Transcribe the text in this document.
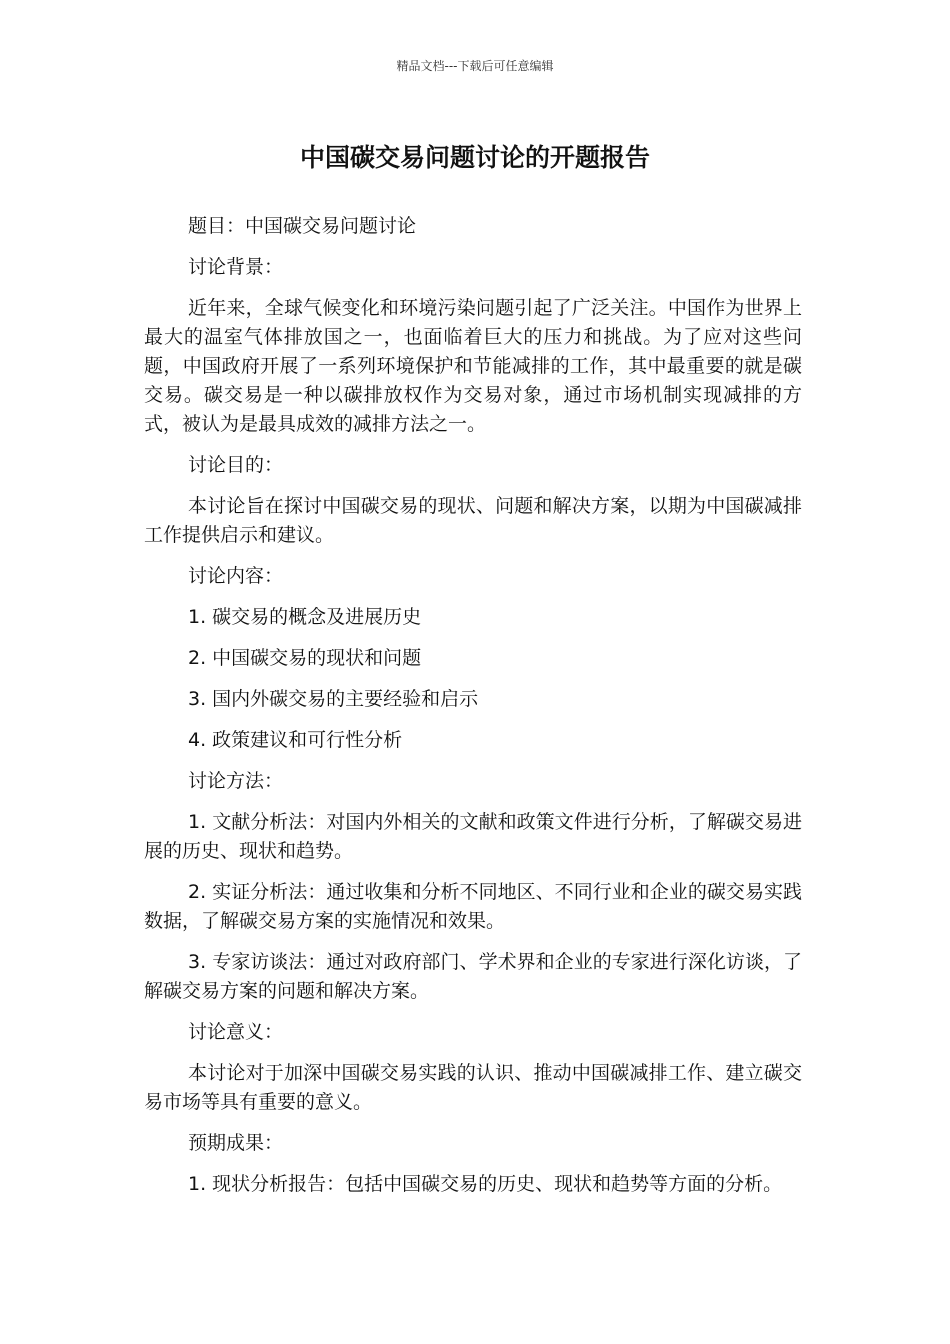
精品文档---下载后可任意编辑
中国碳交易问题讨论的开题报告

题目：中国碳交易问题讨论

讨论背景：

近年来，全球气候变化和环境污染问题引起了广泛关注。中国作为世界上最大的温室气体排放国之一，也面临着巨大的压力和挑战。为了应对这些问题，中国政府开展了一系列环境保护和节能减排的工作，其中最重要的就是碳交易。碳交易是一种以碳排放权作为交易对象，通过市场机制实现减排的方式，被认为是最具成效的减排方法之一。

讨论目的：

本讨论旨在探讨中国碳交易的现状、问题和解决方案，以期为中国碳减排工作提供启示和建议。

讨论内容：

1. 碳交易的概念及进展历史

2. 中国碳交易的现状和问题

3. 国内外碳交易的主要经验和启示

4. 政策建议和可行性分析

讨论方法：

1. 文献分析法：对国内外相关的文献和政策文件进行分析，了解碳交易进展的历史、现状和趋势。

2. 实证分析法：通过收集和分析不同地区、不同行业和企业的碳交易实践数据，了解碳交易方案的实施情况和效果。

3. 专家访谈法：通过对政府部门、学术界和企业的专家进行深化访谈，了解碳交易方案的问题和解决方案。

讨论意义：

本讨论对于加深中国碳交易实践的认识、推动中国碳减排工作、建立碳交易市场等具有重要的意义。

预期成果：

1. 现状分析报告：包括中国碳交易的历史、现状和趋势等方面的分析。
